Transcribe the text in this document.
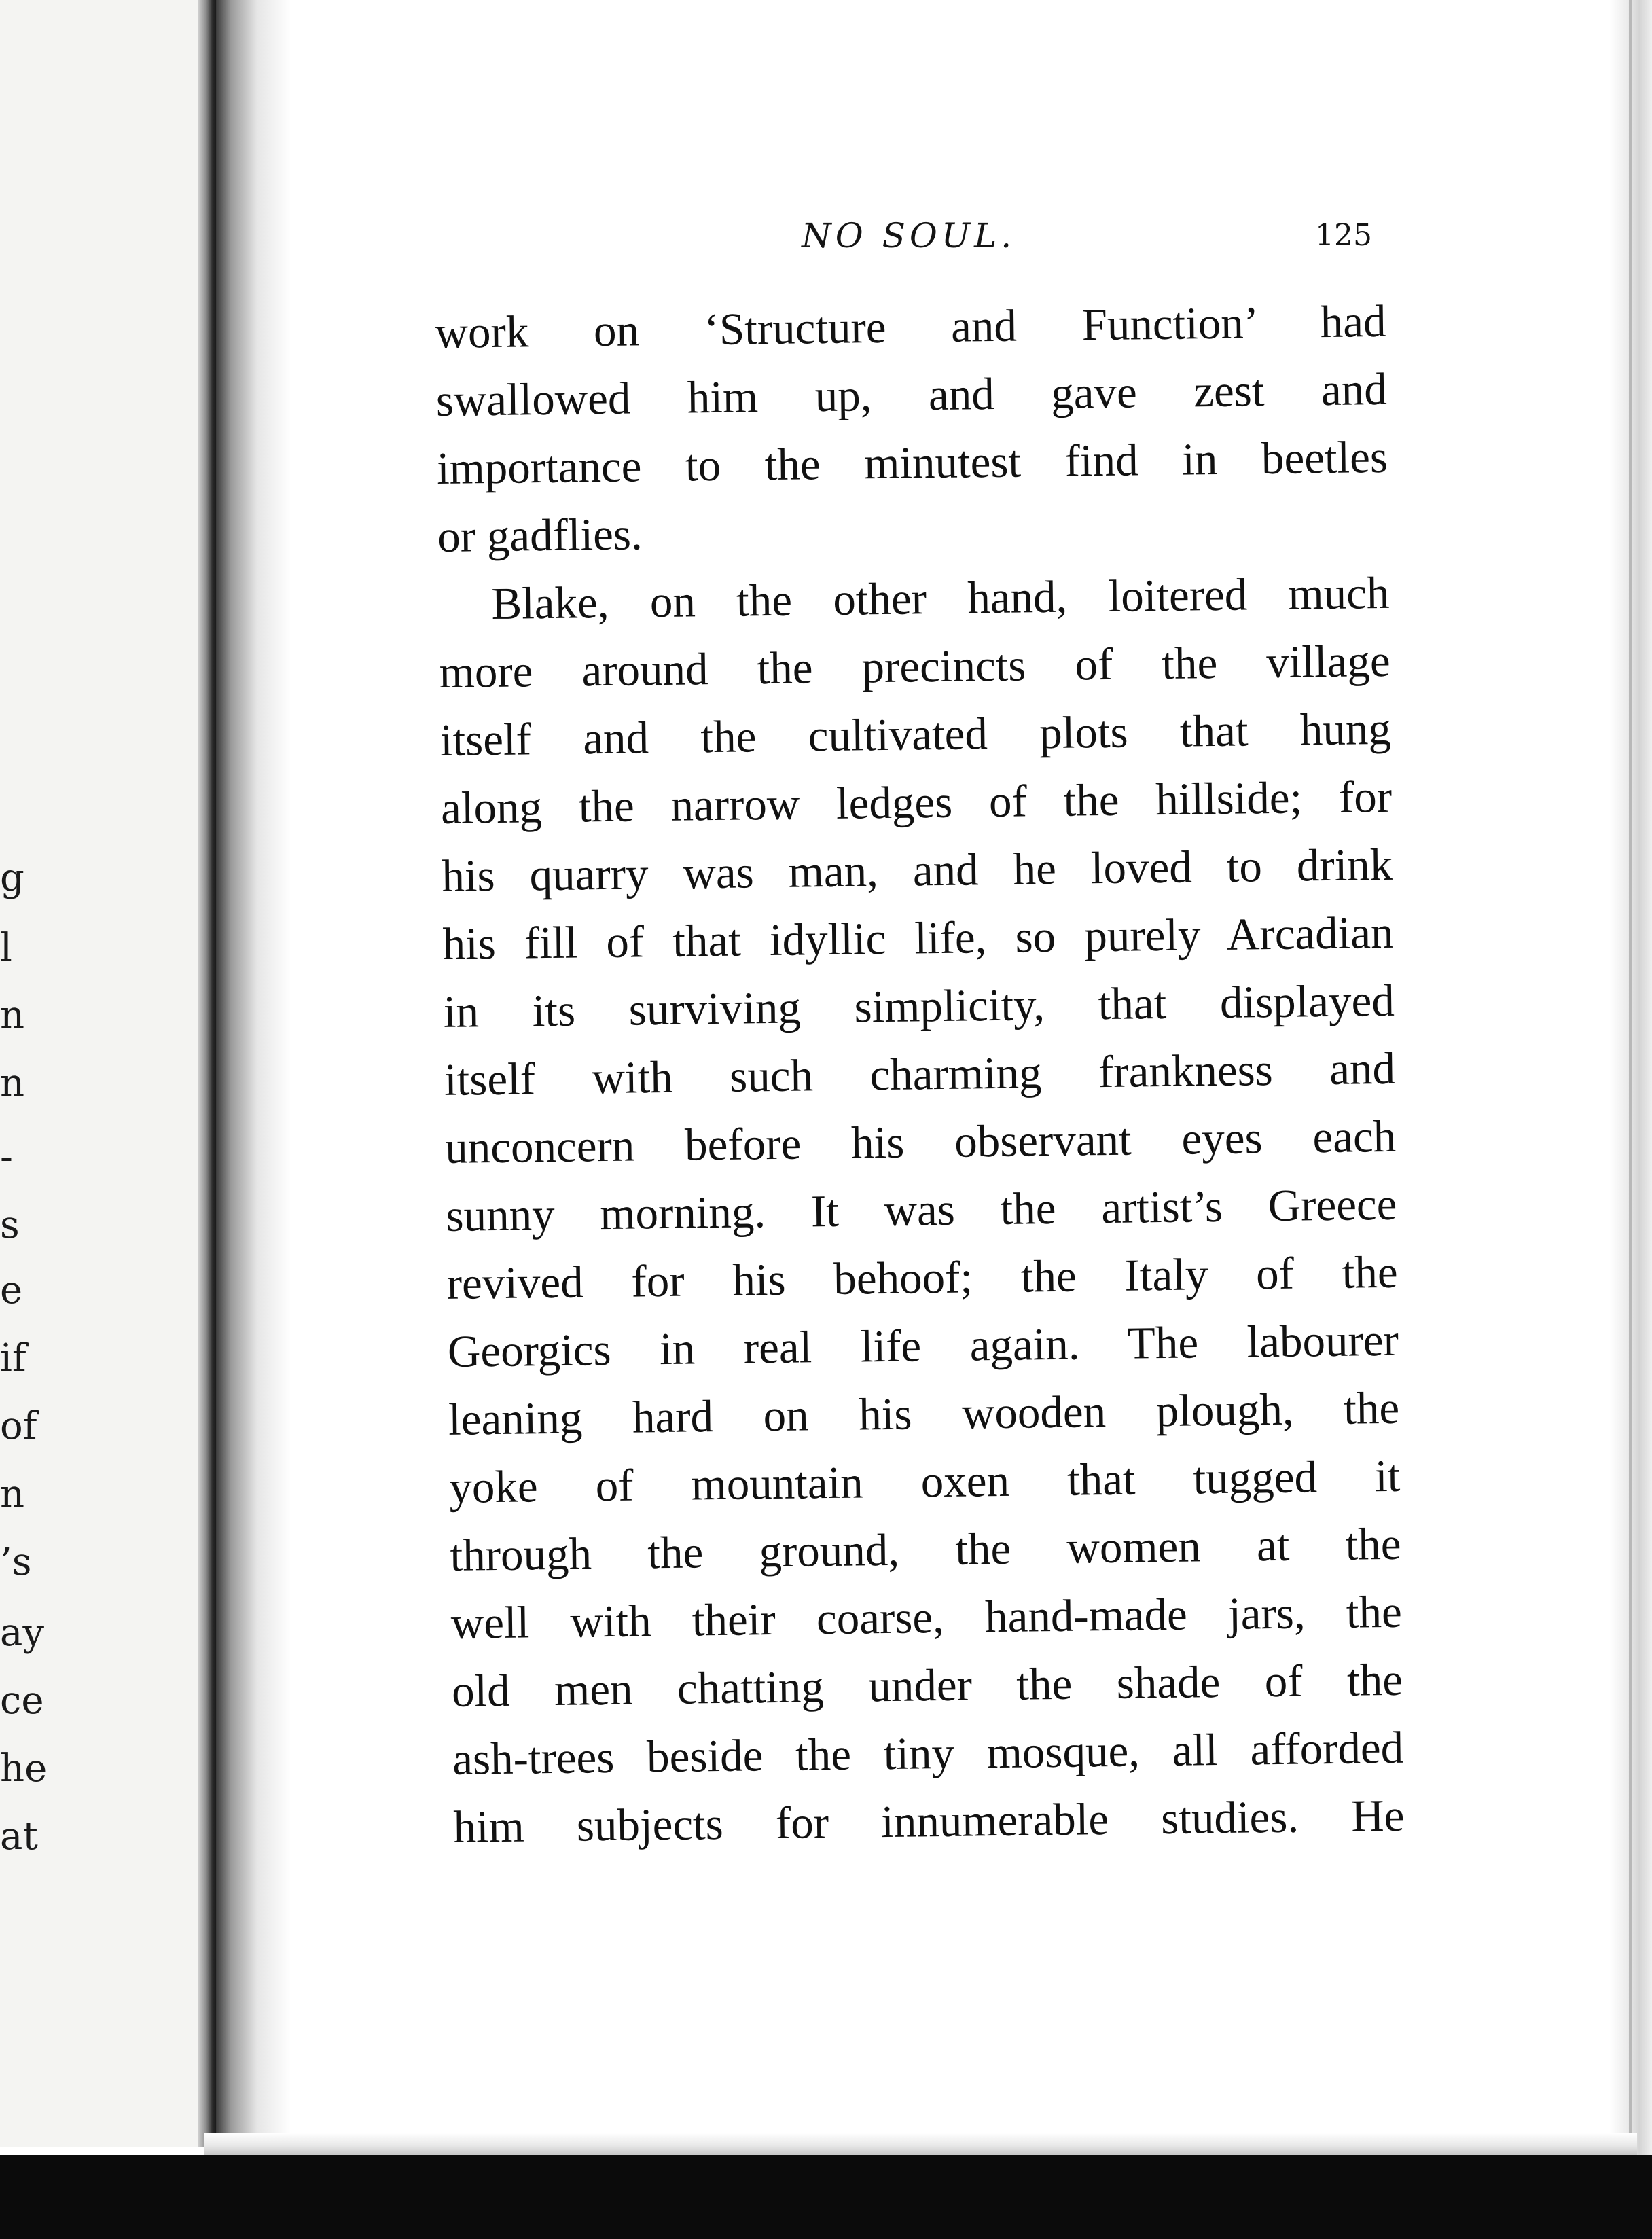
g
l
n
n
-
s
e
if
of
n
’s
ay
ce
he
at
NO SOUL.	125
work on ‘Structure and Function’ had
swallowed him up, and gave zest and
importance to the minutest find in beetles
or gadflies.
Blake, on the other hand, loitered much
more around the precincts of the village
itself and the cultivated plots that hung
along the narrow ledges of the hillside; for
his quarry was man, and he loved to drink
his fill of that idyllic life, so purely Arcadian
in its surviving simplicity, that displayed
itself with such charming frankness and
unconcern before his observant eyes each
sunny morning. It was the artist’s Greece
revived for his behoof; the Italy of the
Georgics in real life again. The labourer
leaning hard on his wooden plough, the
yoke of mountain oxen that tugged it
through the ground, the women at the
well with their coarse, hand-made jars, the
old men chatting under the shade of the
ash-trees beside the tiny mosque, all afforded
him subjects for innumerable studies. He
